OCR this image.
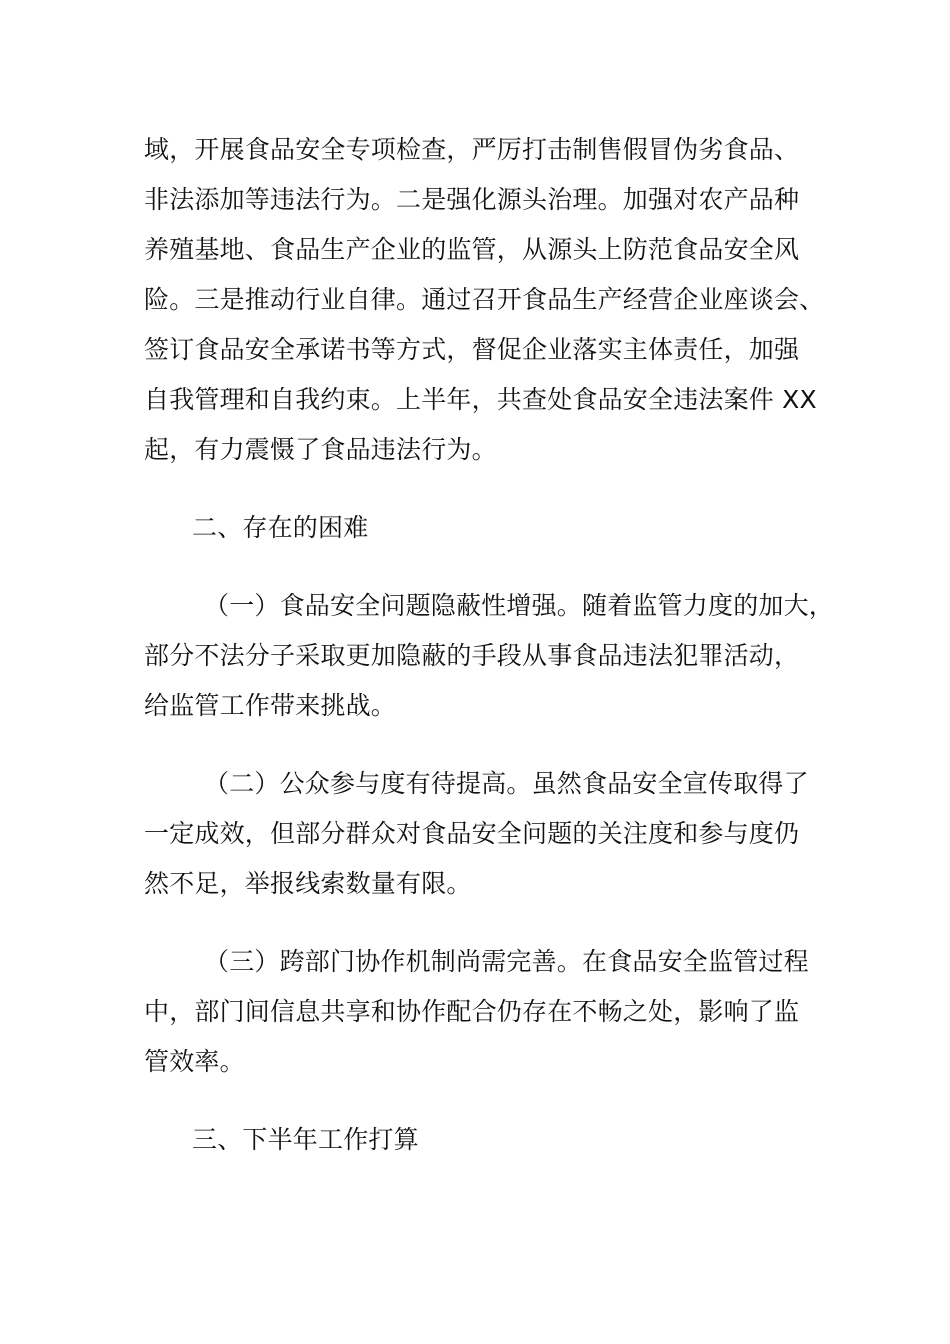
域，开展食品安全专项检查，严厉打击制售假冒伪劣食品、
非法添加等违法行为。二是强化源头治理。加强对农产品种
养殖基地、食品生产企业的监管，从源头上防范食品安全风
险。三是推动行业自律。通过召开食品生产经营企业座谈会、
签订食品安全承诺书等方式，督促企业落实主体责任，加强
自我管理和自我约束。上半年，共查处食品安全违法案件 XX
起，有力震慑了食品违法行为。
二、存在的困难
（一）食品安全问题隐蔽性增强。随着监管力度的加大，
部分不法分子采取更加隐蔽的手段从事食品违法犯罪活动，
给监管工作带来挑战。
（二）公众参与度有待提高。虽然食品安全宣传取得了
一定成效，但部分群众对食品安全问题的关注度和参与度仍
然不足，举报线索数量有限。
（三）跨部门协作机制尚需完善。在食品安全监管过程
中，部门间信息共享和协作配合仍存在不畅之处，影响了监
管效率。
三、下半年工作打算
